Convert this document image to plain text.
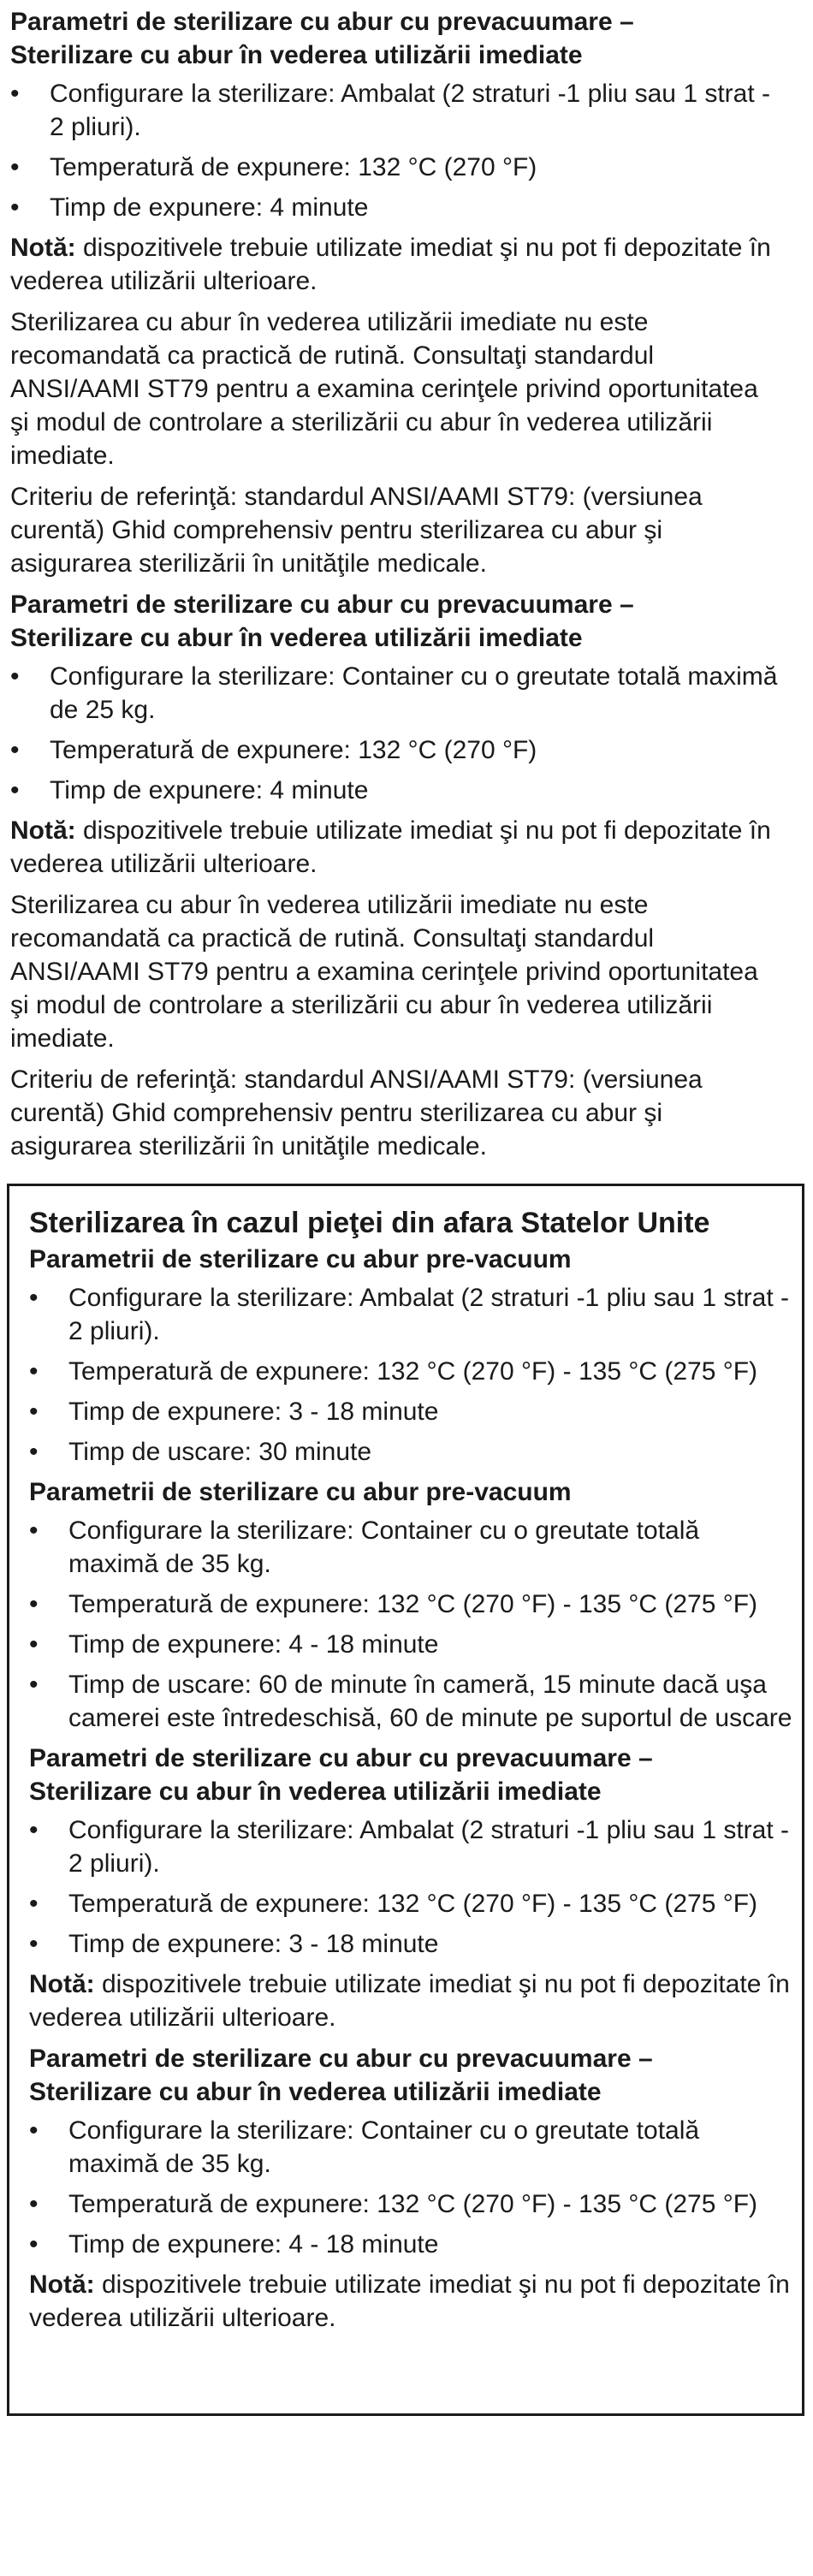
Parametri de sterilizare cu abur cu prevacuumare –
Sterilizare cu abur în vederea utilizării imediate

•	Configurare la sterilizare: Ambalat (2 straturi -1 pliu sau 1 strat - 2 pliuri).
•	Temperatură de expunere: 132 °C (270 °F)
•	Timp de expunere: 4 minute

Notă: dispozitivele trebuie utilizate imediat şi nu pot fi depozitate în vederea utilizării ulterioare.

Sterilizarea cu abur în vederea utilizării imediate nu este recomandată ca practică de rutină. Consultaţi standardul ANSI/AAMI ST79 pentru a examina cerinţele privind oportunitatea şi modul de controlare a sterilizării cu abur în vederea utilizării imediate.

Criteriu de referinţă: standardul ANSI/AAMI ST79: (versiunea curentă) Ghid comprehensiv pentru sterilizarea cu abur şi asigurarea sterilizării în unităţile medicale.

Parametri de sterilizare cu abur cu prevacuumare –
Sterilizare cu abur în vederea utilizării imediate

•	Configurare la sterilizare: Container cu o greutate totală maximă de 25 kg.
•	Temperatură de expunere: 132 °C (270 °F)
•	Timp de expunere: 4 minute

Notă: dispozitivele trebuie utilizate imediat şi nu pot fi depozitate în vederea utilizării ulterioare.

Sterilizarea cu abur în vederea utilizării imediate nu este recomandată ca practică de rutină. Consultaţi standardul ANSI/AAMI ST79 pentru a examina cerinţele privind oportunitatea şi modul de controlare a sterilizării cu abur în vederea utilizării imediate.

Criteriu de referinţă: standardul ANSI/AAMI ST79: (versiunea curentă) Ghid comprehensiv pentru sterilizarea cu abur şi asigurarea sterilizării în unităţile medicale.

Sterilizarea în cazul pieţei din afara Statelor Unite

Parametrii de sterilizare cu abur pre-vacuum

•	Configurare la sterilizare: Ambalat (2 straturi -1 pliu sau 1 strat - 2 pliuri).
•	Temperatură de expunere: 132 °C (270 °F) - 135 °C (275 °F)
•	Timp de expunere: 3 - 18 minute
•	Timp de uscare: 30 minute

Parametrii de sterilizare cu abur pre-vacuum

•	Configurare la sterilizare: Container cu o greutate totală maximă de 35 kg.
•	Temperatură de expunere: 132 °C (270 °F) - 135 °C (275 °F)
•	Timp de expunere: 4 - 18 minute
•	Timp de uscare: 60 de minute în cameră, 15 minute dacă uşa camerei este întredeschisă, 60 de minute pe suportul de uscare

Parametri de sterilizare cu abur cu prevacuumare –
Sterilizare cu abur în vederea utilizării imediate

•	Configurare la sterilizare: Ambalat (2 straturi -1 pliu sau 1 strat - 2 pliuri).
•	Temperatură de expunere: 132 °C (270 °F) - 135 °C (275 °F)
•	Timp de expunere: 3 - 18 minute

Notă: dispozitivele trebuie utilizate imediat şi nu pot fi depozitate în vederea utilizării ulterioare.

Parametri de sterilizare cu abur cu prevacuumare –
Sterilizare cu abur în vederea utilizării imediate

•	Configurare la sterilizare: Container cu o greutate totală maximă de 35 kg.
•	Temperatură de expunere: 132 °C (270 °F) - 135 °C (275 °F)
•	Timp de expunere: 4 - 18 minute

Notă: dispozitivele trebuie utilizate imediat şi nu pot fi depozitate în vederea utilizării ulterioare.
